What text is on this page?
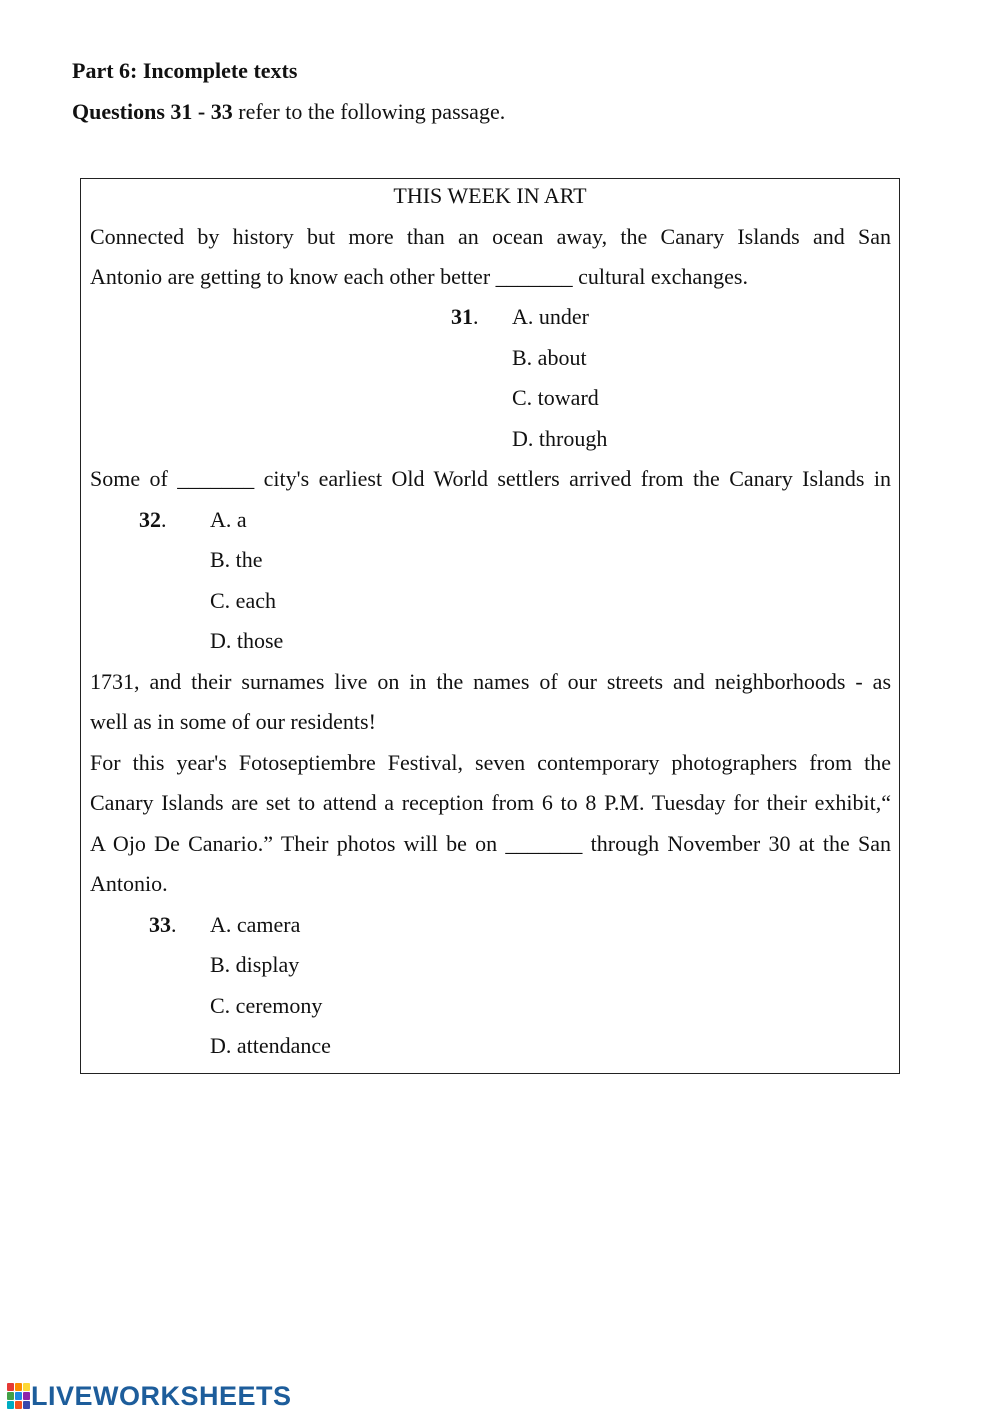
Part 6: Incomplete texts
Questions 31 - 33 refer to the following passage.
THIS WEEK IN ART
Connected by history but more than an ocean away, the Canary Islands and San
Antonio are getting to know each other better _______ cultural exchanges.
31. A. under
B. about
C. toward
D. through
Some of _______ city's earliest Old World settlers arrived from the Canary Islands in
32. A. a
B. the
C. each
D. those
1731, and their surnames live on in the names of our streets and neighborhoods - as
well as in some of our residents!
For this year's Fotoseptiembre Festival, seven contemporary photographers from the
Canary Islands are set to attend a reception from 6 to 8 P.M. Tuesday for their exhibit,“
A Ojo De Canario.” Their photos will be on _______ through November 30 at the San
Antonio.
33. A. camera
B. display
C. ceremony
D. attendance
LIVEWORKSHEETS
